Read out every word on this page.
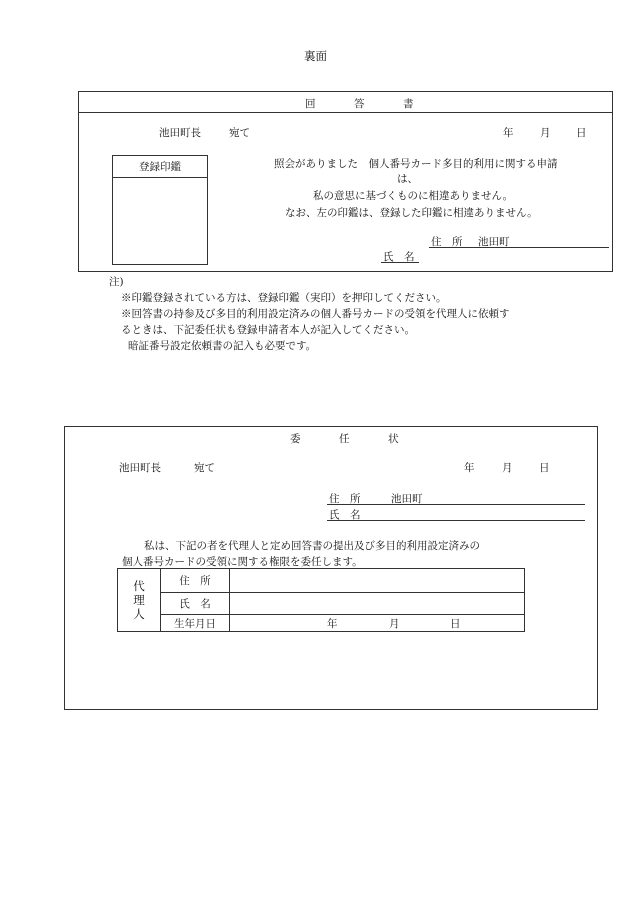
裏面
回　答　書
池田町長	宛て	年	月 日
登録印鑑	照会がありました　個人番号カード多目的利用に関する申請
は、
私の意思に基づくものに相違ありません。
なお、左の印鑑は、登録した印鑑に相違ありません。
住　所 池田町
氏　名
注)
※印鑑登録されている方は、登録印鑑（実印）を押印してください。
※回答書の持参及び多目的利用設定済みの個人番号カードの受領を代理人に依頼す
るときは、下記委任状も登録申請者本人が記入してください。
暗証番号設定依頼書の記入も必要です。
委　任　状
池田町長	宛て	年	月	日
住　所	池田町
氏　名
私は、下記の者を代理人と定め回答書の提出及び多目的利用設定済みの
個人番号カードの受領に関する権限を委任します。
代
理
人	住　所	
	氏　名	
	生年月日	年 月 日
